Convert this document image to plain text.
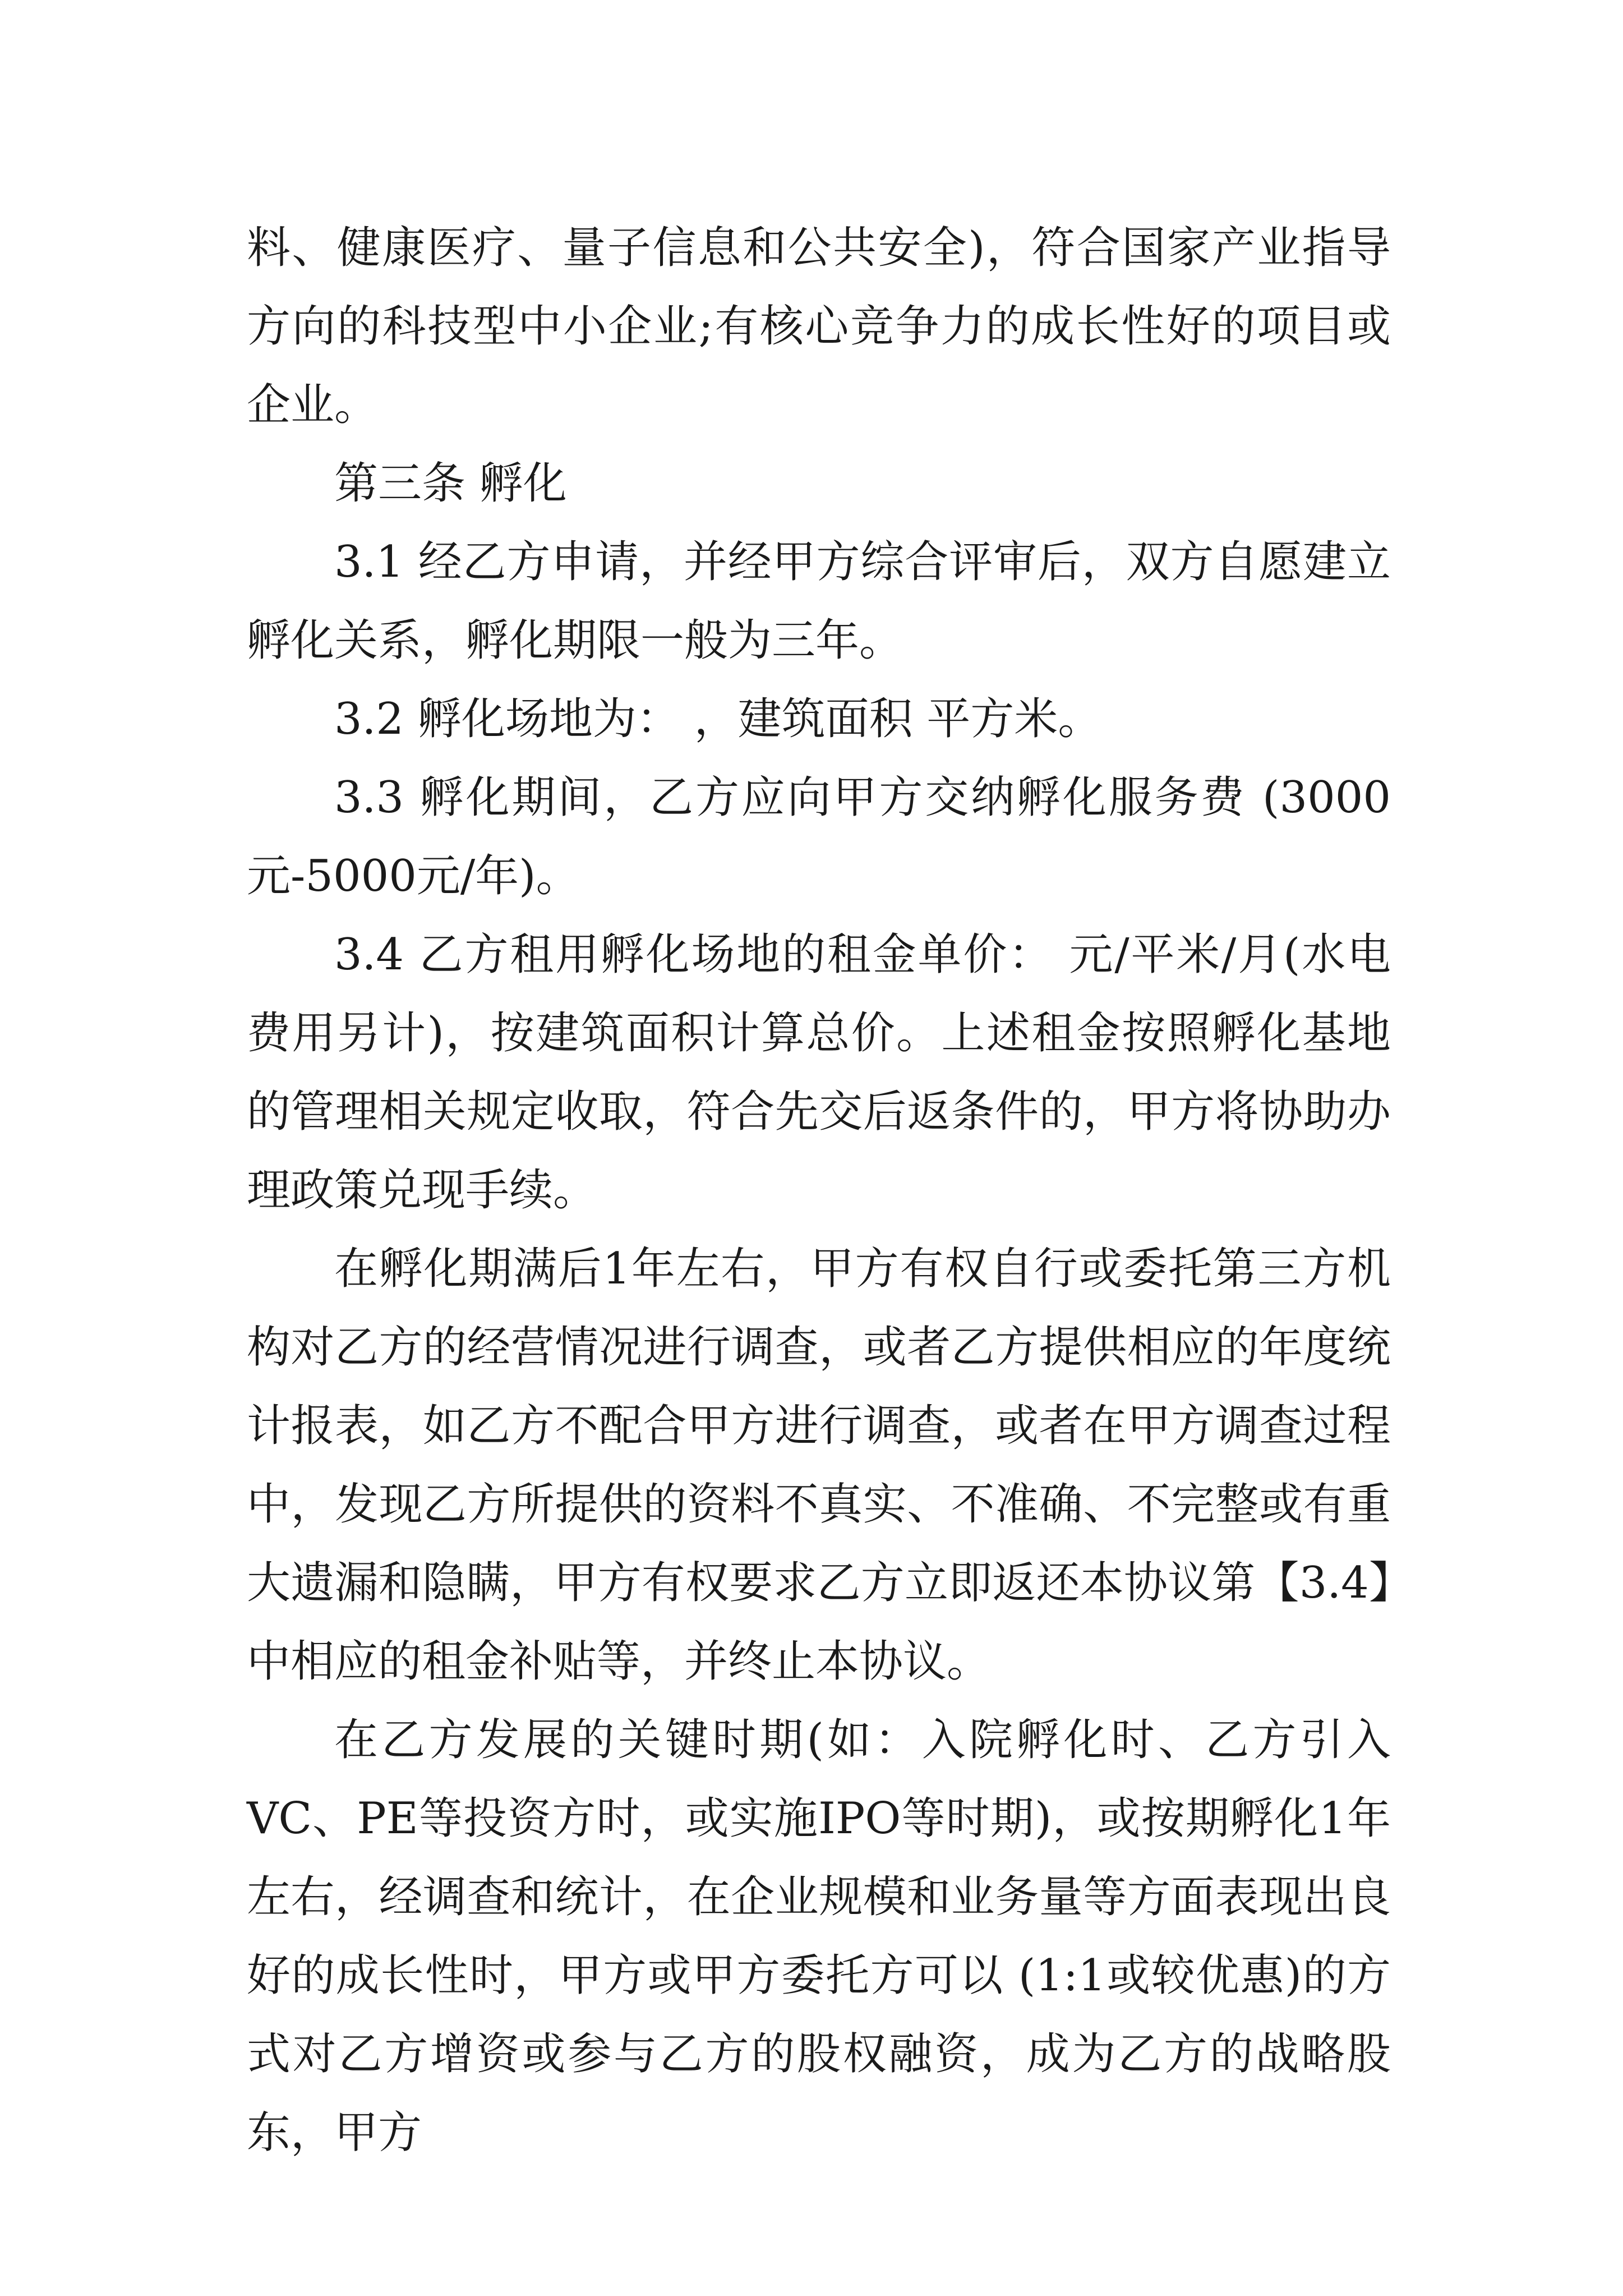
料、健康医疗、量子信息和公共安全)，符合国家产业指导方向的科技型中小企业;有核心竞争力的成长性好的项目或企业。

第三条 孵化

3.1 经乙方申请，并经甲方综合评审后，双方自愿建立孵化关系，孵化期限一般为三年。

3.2 孵化场地为： ，建筑面积 平方米。

3.3 孵化期间，乙方应向甲方交纳孵化服务费 (3000元-5000元/年)。

3.4 乙方租用孵化场地的租金单价： 元/平米/月(水电费用另计)，按建筑面积计算总价。上述租金按照孵化基地的管理相关规定收取，符合先交后返条件的，甲方将协助办理政策兑现手续。

在孵化期满后1年左右，甲方有权自行或委托第三方机构对乙方的经营情况进行调查，或者乙方提供相应的年度统计报表，如乙方不配合甲方进行调查，或者在甲方调查过程中，发现乙方所提供的资料不真实、不准确、不完整或有重大遗漏和隐瞒，甲方有权要求乙方立即返还本协议第【3.4】中相应的租金补贴等，并终止本协议。

在乙方发展的关键时期(如：入院孵化时、乙方引入VC、PE等投资方时，或实施IPO等时期)，或按期孵化1年左右，经调查和统计，在企业规模和业务量等方面表现出良好的成长性时，甲方或甲方委托方可以 (1:1或较优惠)的方式对乙方增资或参与乙方的股权融资，成为乙方的战略股东，甲方
